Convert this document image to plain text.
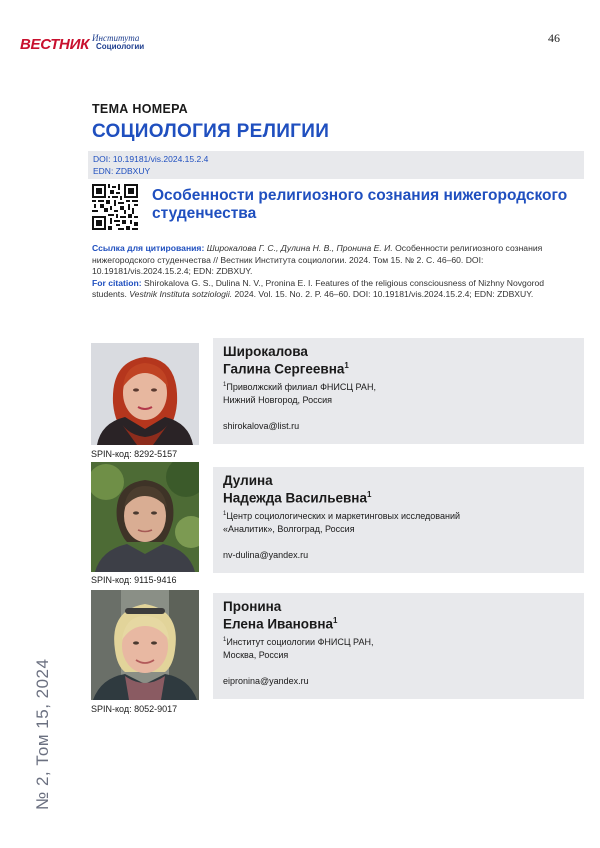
ВЕСТНИК Института
Социологии
46
№ 2, Том 15, 2024
ТЕМА НОМЕРА
СОЦИОЛОГИЯ РЕЛИГИИ
DOI: 10.19181/vis.2024.15.2.4
EDN: ZDBXUY
Особенности религиозного сознания нижегородского студенчества
Ссылка для цитирования: Широкалова Г. С., Дулина Н. В., Пронина Е. И. Особенности религиозного сознания нижегородского студенчества // Вестник Института социологии. 2024. Том 15. № 2. С. 46–60. DOI: 10.19181/vis.2024.15.2.4; EDN: ZDBXUY.
For citation: Shirokalova G. S., Dulina N. V., Pronina E. I. Features of the religious consciousness of Nizhny Novgorod students. Vestnik Instituta sotziologii. 2024. Vol. 15. No. 2. P. 46–60. DOI: 10.19181/vis.2024.15.2.4; EDN: ZDBXUY.
SPIN-код: 8292-5157
Широкалова
Галина Сергеевна$^1$
$^1$Приволжский филиал ФНИСЦ РАН,
Нижний Новгород, Россия
shirokalova@list.ru
SPIN-код: 9115-9416
Дулина
Надежда Васильевна$^1$
$^1$Центр социологических и маркетинговых исследований
«Аналитик», Волгоград, Россия
nv-dulina@yandex.ru
SPIN-код: 8052-9017
Пронина
Елена Ивановна$^1$
$^1$Институт социологии ФНИСЦ РАН,
Москва, Россия
eipronina@yandex.ru
